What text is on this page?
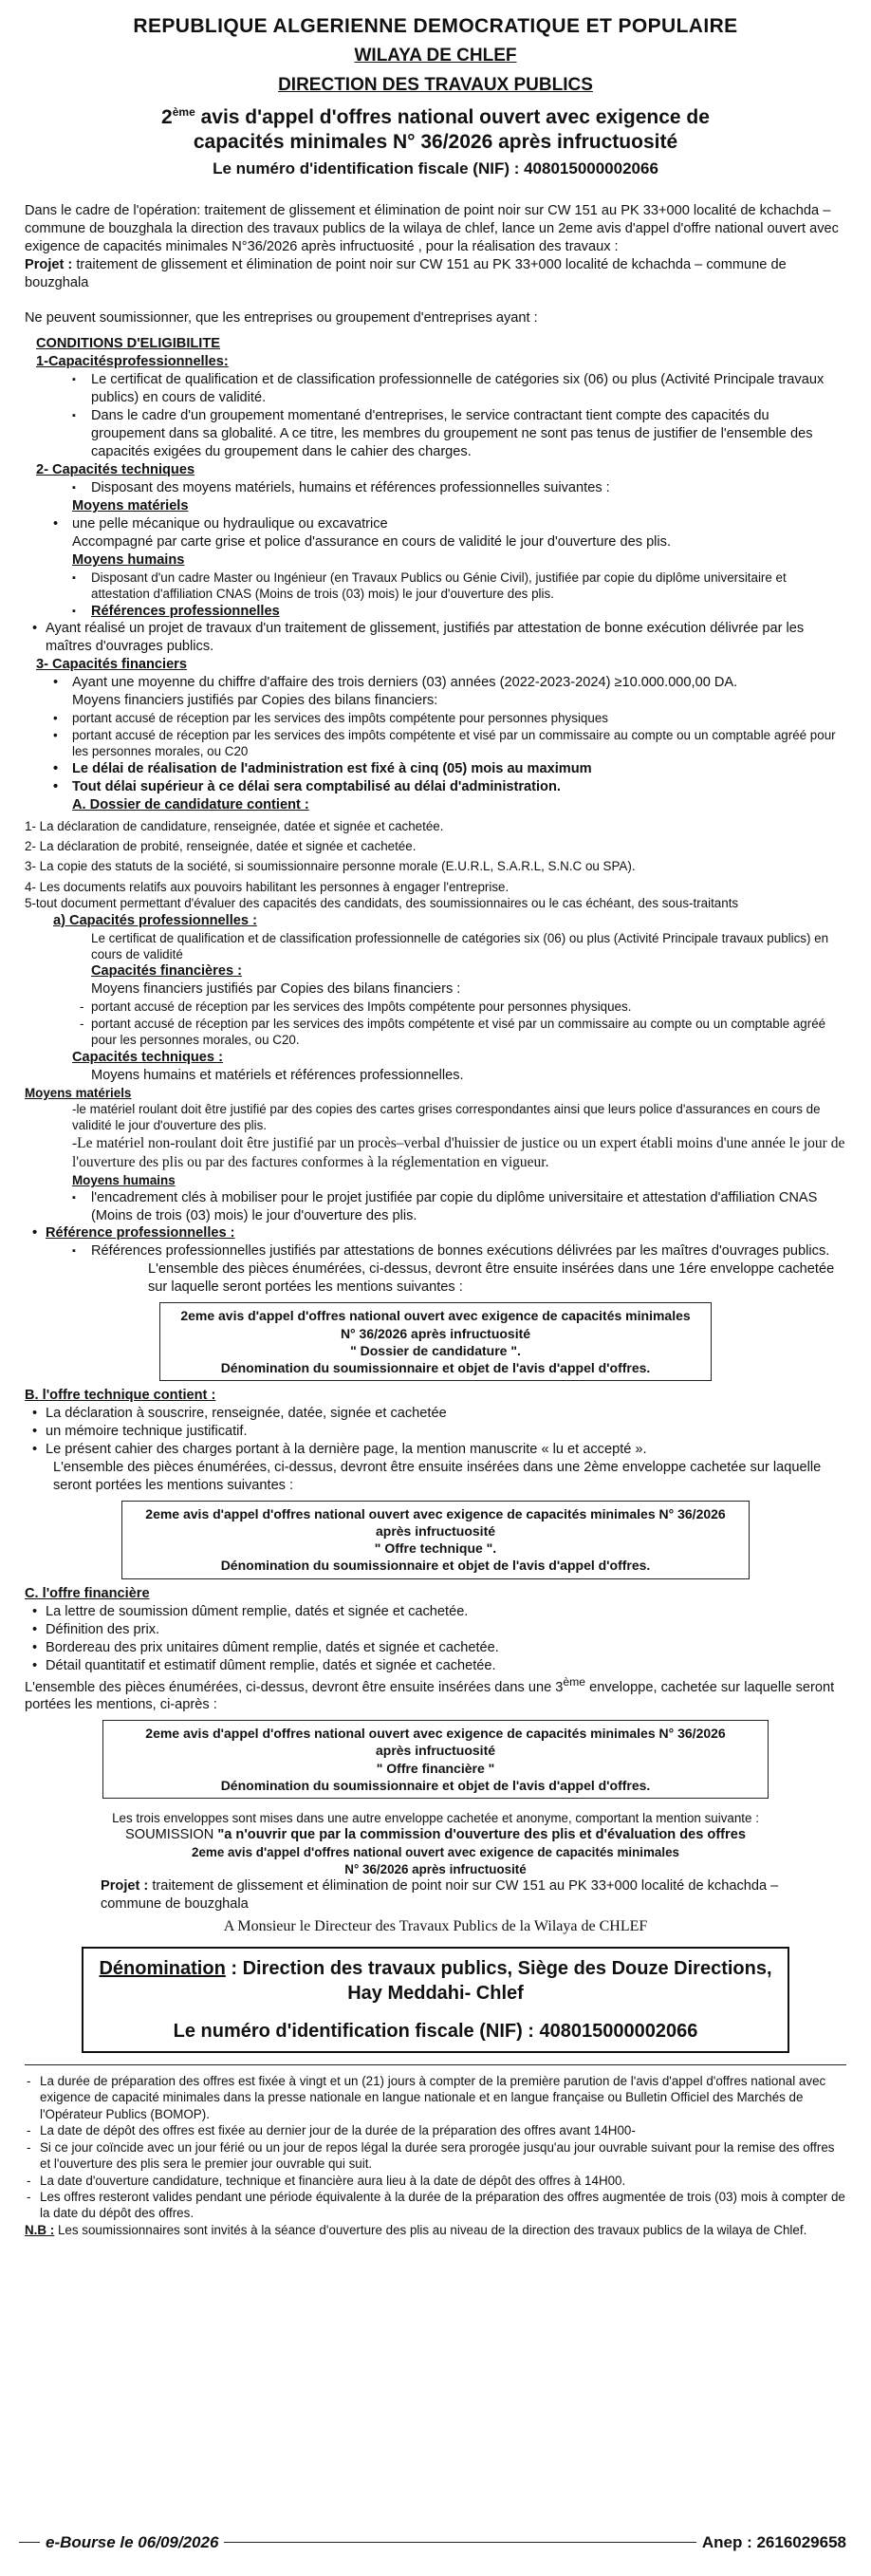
REPUBLIQUE ALGERIENNE DEMOCRATIQUE ET POPULAIRE
WILAYA DE CHLEF
DIRECTION DES TRAVAUX PUBLICS
2ème avis d'appel d'offres national ouvert avec exigence de
capacités minimales N° 36/2026 après infructuosité
Le numéro d'identification fiscale (NIF) : 408015000002066

Dans le cadre de l'opération: traitement de glissement et élimination de point noir sur CW 151 au PK 33+000 localité de kchachda –commune de bouzghala la direction des travaux publics de la wilaya de chlef, lance un 2eme avis d'appel d'offre national ouvert avec exigence de capacités minimales N°36/2026 après infructuosité , pour la réalisation des travaux :

Projet : traitement de glissement et élimination de point noir sur CW 151 au PK 33+000 localité de kchachda – commune de bouzghala

Ne peuvent soumissionner, que les entreprises ou groupement d'entreprises ayant :

CONDITIONS D'ELIGIBILITE

1-Capacitésprofessionnelles:

▪ Le certificat de qualification et de classification professionnelle de catégories six (06) ou plus (Activité Principale travaux publics) en cours de validité.
▪ Dans le cadre d'un groupement momentané d'entreprises, le service contractant tient compte des capacités du groupement dans sa globalité. A ce titre, les membres du groupement ne sont pas tenus de justifier de l'ensemble des capacités exigées du groupement dans le cahier des charges.

2- Capacités techniques

▪ Disposant des moyens matériels, humains et références professionnelles suivantes :

Moyens matériels

• une pelle mécanique ou hydraulique ou excavatrice

Accompagné par carte grise et police d'assurance en cours de validité le jour d'ouverture des plis.

Moyens humains

▪ Disposant d'un cadre Master ou Ingénieur (en Travaux Publics ou Génie Civil), justifiée par copie du diplôme universitaire et attestation d'affiliation CNAS (Moins de trois (03) mois) le jour d'ouverture des plis.
▪ Références professionnelles
• Ayant réalisé un projet de travaux d'un traitement de glissement, justifiés par attestation de bonne exécution délivrée par les maîtres d'ouvrages publics.

3- Capacités financiers

• Ayant une moyenne du chiffre d'affaire des trois derniers (03) années (2022-2023-2024) ≥10.000.000,00 DA.

Moyens financiers justifiés par Copies des bilans financiers:

• portant accusé de réception par les services des impôts compétente pour personnes physiques
• portant accusé de réception par les services des impôts compétente et visé par un commissaire au compte ou un comptable agréé pour les personnes morales, ou C20
• Le délai de réalisation de l'administration est fixé à cinq (05) mois au maximum
• Tout délai supérieur à ce délai sera comptabilisé au délai d'administration.

A. Dossier de candidature contient :

1- La déclaration de candidature, renseignée, datée et signée et cachetée.

2- La déclaration de probité, renseignée, datée et signée et cachetée.

3- La copie des statuts de la société, si soumissionnaire personne morale (E.U.R.L, S.A.R.L, S.N.C ou SPA).

4- Les documents relatifs aux pouvoirs habilitant les personnes à engager l'entreprise.

5-tout document permettant d'évaluer des capacités des candidats, des soumissionnaires ou le cas échéant, des sous-traitants

a) Capacités professionnelles :

Le certificat de qualification et de classification professionnelle de catégories six (06) ou plus (Activité Principale travaux publics) en cours de validité

Capacités financières :

Moyens financiers justifiés par Copies des bilans financiers :

- portant accusé de réception par les services des Impôts compétente pour personnes physiques.
- portant accusé de réception par les services des impôts compétente et visé par un commissaire au compte ou un comptable agréé pour les personnes morales, ou C20.

Capacités techniques :

Moyens humains et matériels et références professionnelles.

Moyens matériels

-le matériel roulant doit être justifié par des copies des cartes grises correspondantes ainsi que leurs police d'assurances en cours de validité le jour d'ouverture des plis.

-Le matériel non-roulant doit être justifié par un procès–verbal d'huissier de justice ou un expert établi moins d'une année le jour de l'ouverture des plis ou par des factures conformes à la réglementation en vigueur.

Moyens humains

▪ l'encadrement clés à mobiliser pour le projet justifiée par copie du diplôme universitaire et attestation d'affiliation CNAS (Moins de trois (03) mois) le jour d'ouverture des plis.
• Référence professionnelles :
▪ Références professionnelles justifiés par attestations de bonnes exécutions délivrées par les maîtres d'ouvrages publics.

L'ensemble des pièces énumérées, ci-dessus, devront être ensuite insérées dans une 1ére enveloppe cachetée sur laquelle seront portées les mentions suivantes :

2eme avis d'appel d'offres national ouvert avec exigence de capacités minimales
N° 36/2026 après infructuosité
" Dossier de candidature ".
Dénomination du soumissionnaire et objet de l'avis d'appel d'offres.

B. l'offre technique contient :

• La déclaration à souscrire, renseignée, datée, signée et cachetée
• un mémoire technique justificatif.
• Le présent cahier des charges portant à la dernière page, la mention manuscrite « lu et accepté ».

L'ensemble des pièces énumérées, ci-dessus, devront être ensuite insérées dans une 2ème enveloppe cachetée sur laquelle seront portées les mentions suivantes :

2eme avis d'appel d'offres national ouvert avec exigence de capacités minimales N° 36/2026
après infructuosité
" Offre technique ".
Dénomination du soumissionnaire et objet de l'avis d'appel d'offres.

C. l'offre financière

• La lettre de soumission dûment remplie, datés et signée et cachetée.
• Définition des prix.
• Bordereau des prix unitaires dûment remplie, datés et signée et cachetée.
• Détail quantitatif et estimatif dûment remplie, datés et signée et cachetée.

L'ensemble des pièces énumérées, ci-dessus, devront être ensuite insérées dans une 3ème enveloppe, cachetée sur laquelle seront portées les mentions, ci-après :

2eme avis d'appel d'offres national ouvert avec exigence de capacités minimales N° 36/2026
après infructuosité
" Offre financière "
Dénomination du soumissionnaire et objet de l'avis d'appel d'offres.

Les trois enveloppes sont mises dans une autre enveloppe cachetée et anonyme, comportant la mention suivante :

SOUMISSION "a n'ouvrir que par la commission d'ouverture des plis et d'évaluation des offres

2eme avis d'appel d'offres national ouvert avec exigence de capacités minimales

N° 36/2026 après infructuosité

Projet : traitement de glissement et élimination de point noir sur CW 151 au PK 33+000 localité de kchachda –commune de bouzghala

A Monsieur le Directeur des Travaux Publics de la Wilaya de CHLEF

Dénomination : Direction des travaux publics, Siège des Douze Directions, Hay Meddahi- Chlef
Le numéro d'identification fiscale (NIF) : 408015000002066
- La durée de préparation des offres est fixée à vingt et un (21) jours à compter de la première parution de l'avis d'appel d'offres national avec exigence de capacité minimales dans la presse nationale en langue nationale et en langue française ou Bulletin Officiel des Marchés de l'Opérateur Publics (BOMOP).
- La date de dépôt des offres est fixée au dernier jour de la durée de la préparation des offres avant 14H00-
- Si ce jour coïncide avec un jour férié ou un jour de repos légal la durée sera prorogée jusqu'au jour ouvrable suivant pour la remise des offres et l'ouverture des plis sera le premier jour ouvrable qui suit.
- La date d'ouverture candidature, technique et financière aura lieu à la date de dépôt des offres à 14H00.
- Les offres resteront valides pendant une période équivalente à la durée de la préparation des offres augmentée de trois (03) mois à compter de la date du dépôt des offres.

N.B : Les soumissionnaires sont invités à la séance d'ouverture des plis au niveau de la direction des travaux publics de la wilaya de Chlef.

e-Bourse le 06/09/2026	Anep : 2616029658
